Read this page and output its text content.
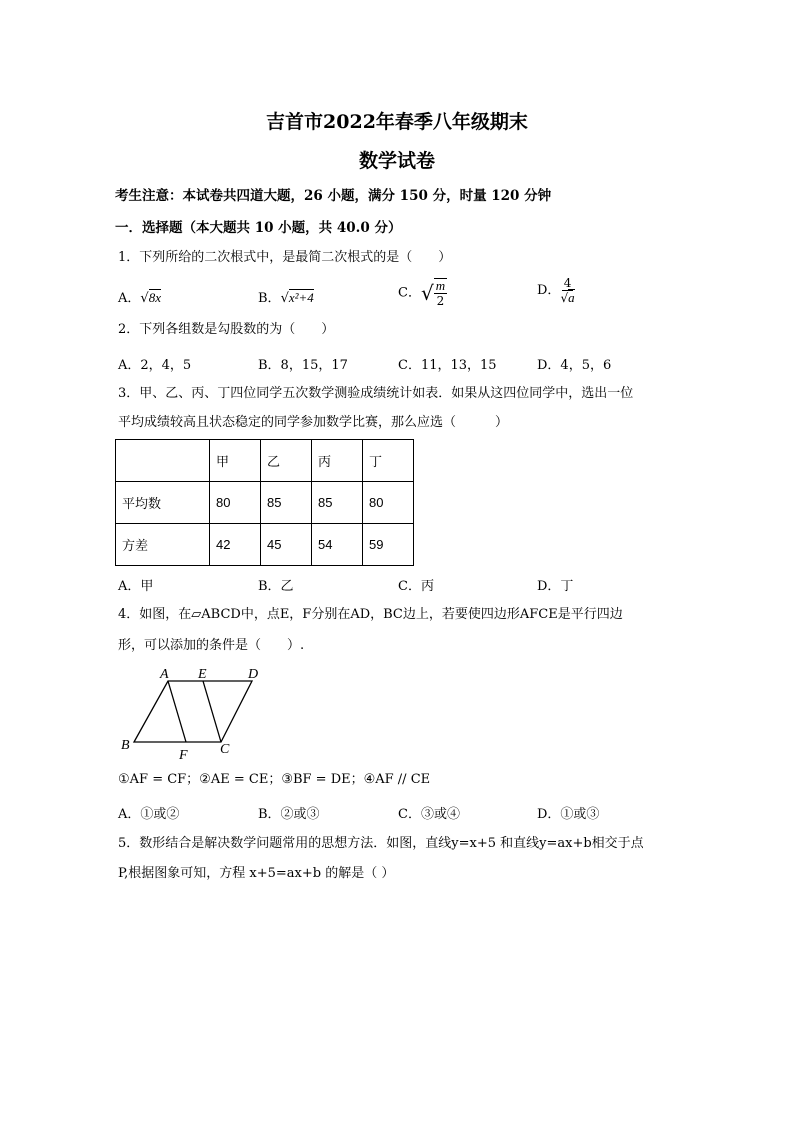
吉首市2022年春季八年级期末
数学试卷
考生注意：本试卷共四道大题，26 小题，满分 150 分，时量 120 分钟
一．选择题（本大题共 10 小题，共 40.0 分）
1．下列所给的二次根式中，是最简二次根式的是（　　）
A．√8x	B．√x²+4	C．√ $\frac{m}{2}$	D． $\frac{4}{√a}$
2．下列各组数是勾股数的为（　　）
A．2，4，5	B．8，15，17	C．11，13，15	D．4，5，6
3．甲、乙、丙、丁四位同学五次数学测验成绩统计如表．如果从这四位同学中，选出一位
平均成绩较高且状态稳定的同学参加数学比赛，那么应选（　　　）
	甲	乙	丙	丁
平均数	80	85	85	80
方差	42	45	54	59
A．甲	B．乙	C．丙	D．丁
4．如图，在▱ABCD中，点E，F分别在AD，BC边上，若要使四边形AFCE是平行四边
形，可以添加的条件是（　　）.
A E	D
B
F C
①AF = CF；②AE = CE；③BF = DE；④AF // CE
A．①或②	B．②或③	C．③或④	D．①或③
5．数形结合是解决数学问题常用的思想方法．如图，直线y=x+5 和直线y=ax+b相交于点
P,根据图象可知，方程 x+5=ax+b 的解是（ ）
